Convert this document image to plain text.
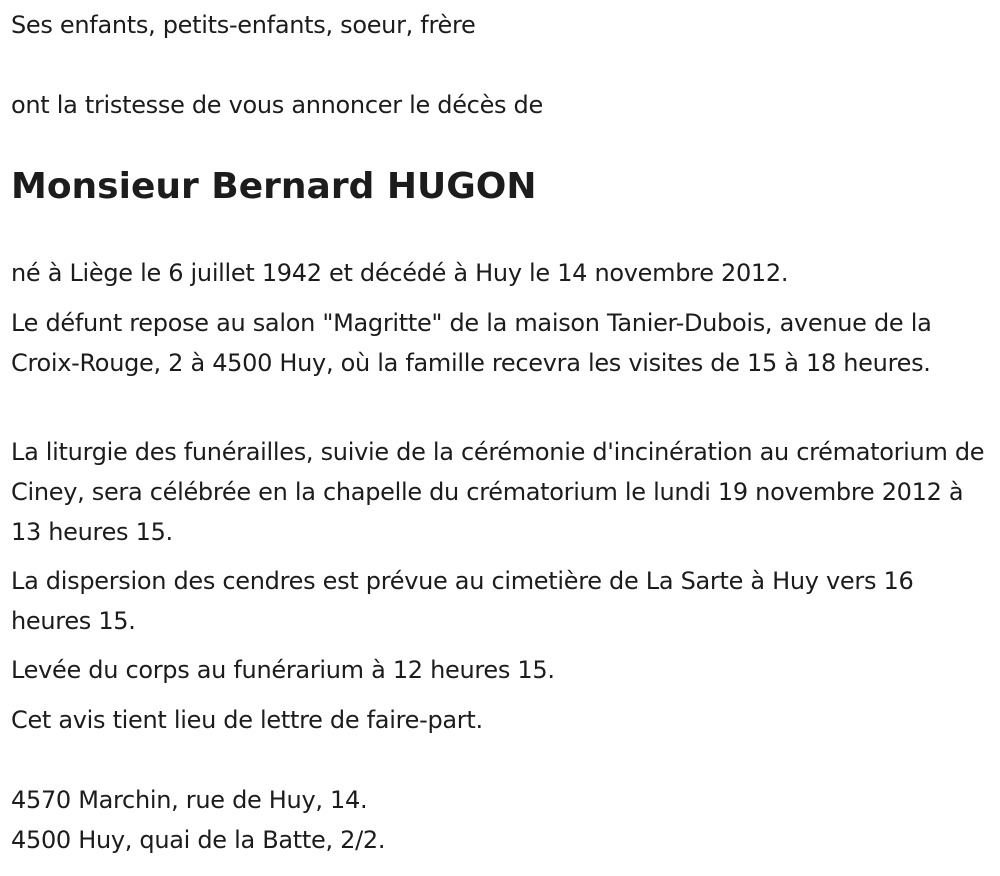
Ses enfants, petits-enfants, soeur, frère
ont la tristesse de vous annoncer le décès de
Monsieur Bernard HUGON
né à Liège le 6 juillet 1942 et décédé à Huy le 14 novembre 2012.
Le défunt repose au salon "Magritte" de la maison Tanier-Dubois, avenue de la Croix-Rouge, 2 à 4500 Huy, où la famille recevra les visites de 15 à 18 heures.
La liturgie des funérailles, suivie de la cérémonie d'incinération au crématorium de Ciney, sera célébrée en la chapelle du crématorium le lundi 19 novembre 2012 à 13 heures 15.
La dispersion des cendres est prévue au cimetière de La Sarte à Huy vers 16 heures 15.
Levée du corps au funérarium à 12 heures 15.
Cet avis tient lieu de lettre de faire-part.
4570 Marchin, rue de Huy, 14.
4500 Huy, quai de la Batte, 2/2.
